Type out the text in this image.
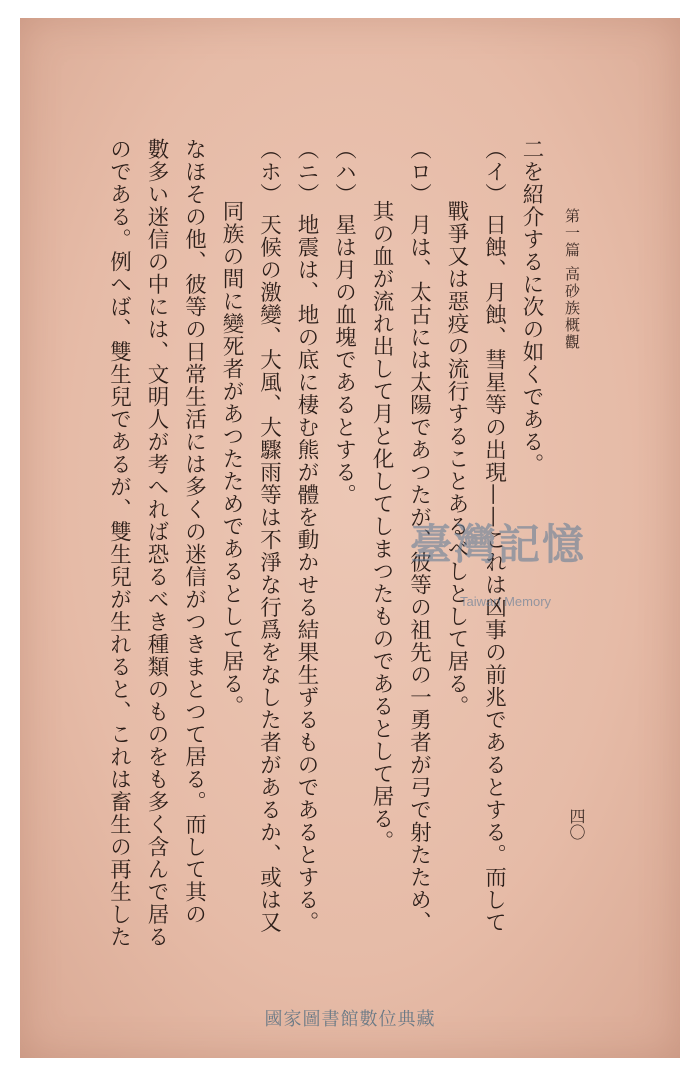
第一篇 高砂族概觀
四〇
二を紹介するに次の如くである。
（イ） 日蝕、月蝕、彗星等の出現——これは凶事の前兆であるとする。而して
戰爭又は惡疫の流行することあるべしとして居る。
（ロ） 月は、太古には太陽であつたが、彼等の祖先の一勇者が弓で射たため、
其の血が流れ出して月と化してしまつたものであるとして居る。
（ハ） 星は月の血塊であるとする。
（ニ） 地震は、地の底に棲む熊が體を動かせる結果生ずるものであるとする。
（ホ） 天候の激變、大風、大驟雨等は不淨な行爲をなした者があるか、或は又
同族の間に變死者があつたためであるとして居る。
なほその他、彼等の日常生活には多くの迷信がつきまとつて居る。而して其の
數多い迷信の中には、文明人が考へれば恐るべき種類のものをも多く含んで居る
のである。例へば、雙生兒であるが、雙生兒が生れると、これは畜生の再生した	臺灣記憶
Taiwan Memory
國家圖書館數位典藏
